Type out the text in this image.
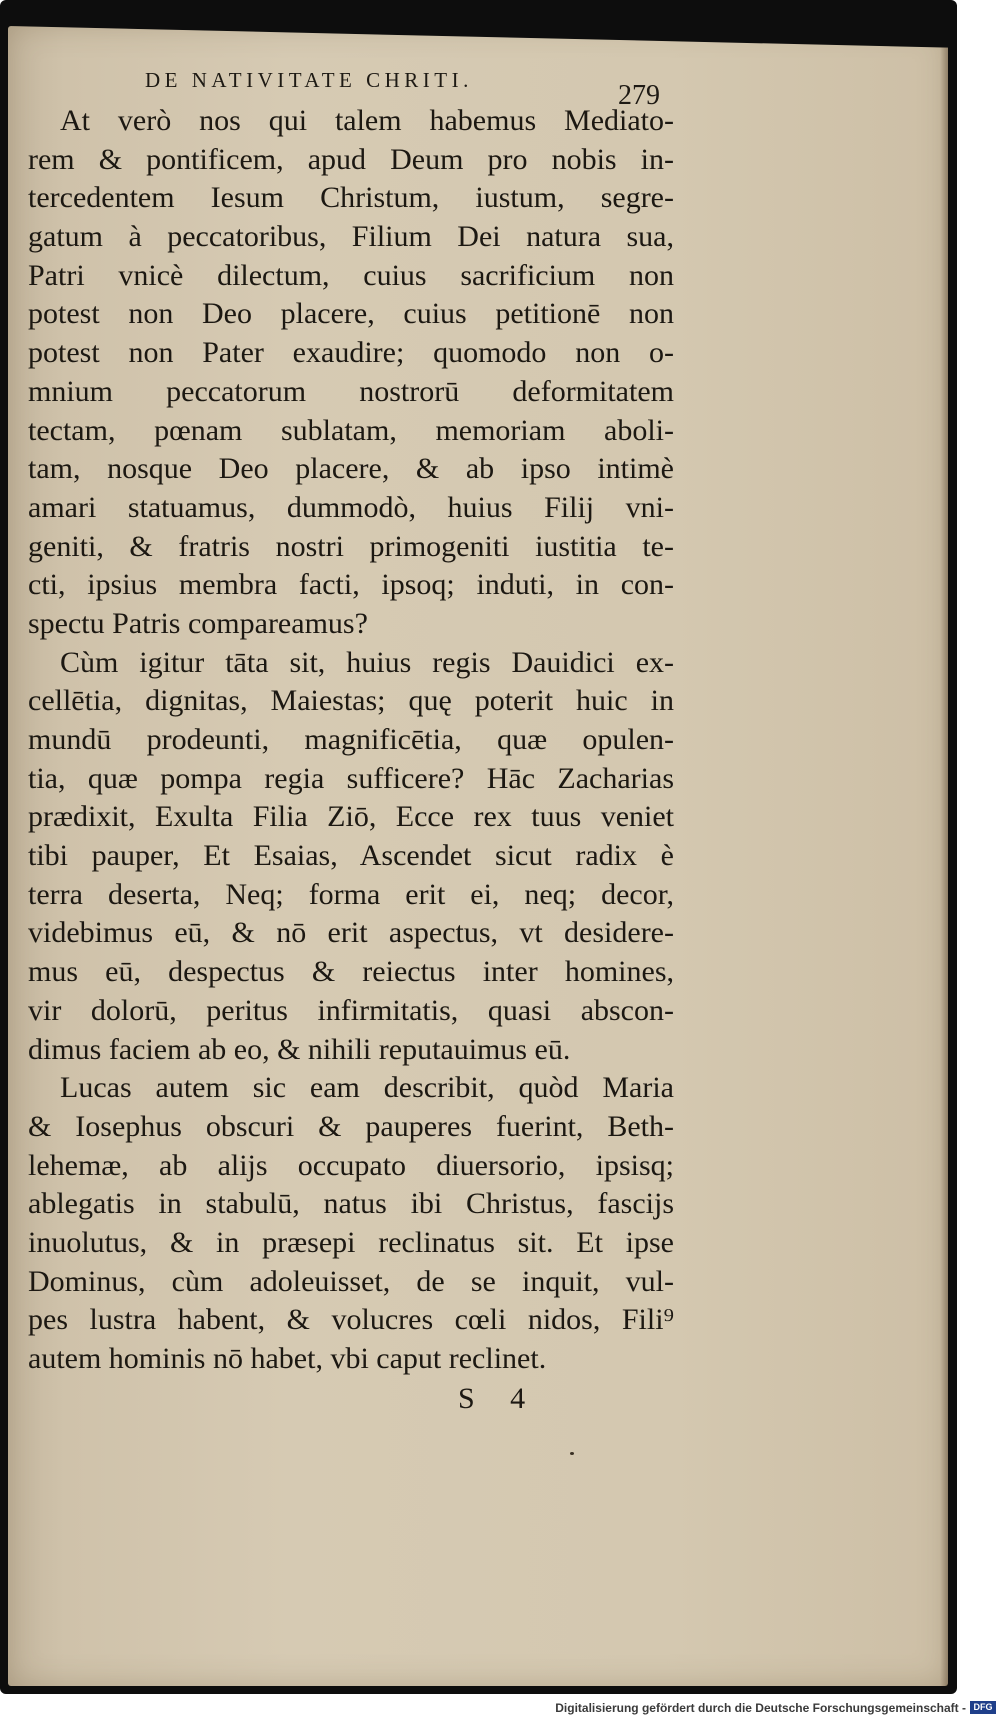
DE NATIVITATE CHRITI.	279
At verò nos qui talem habemus Mediato-
rem & pontificem, apud Deum pro nobis in-
tercedentem Iesum Christum, iustum, segre-
gatum à peccatoribus, Filium Dei natura sua,
Patri vnicè dilectum, cuius sacrificium non
potest non Deo placere, cuius petitionē non
potest non Pater exaudire; quomodo non o-
mnium peccatorum nostrorū deformitatem
tectam, pœnam sublatam, memoriam aboli-
tam, nosque Deo placere, & ab ipso intimè
amari statuamus, dummodò, huius Filij vni-
geniti, & fratris nostri primogeniti iustitia te-
cti, ipsius membra facti, ipsoq; induti, in con-
spectu Patris compareamus?
Cùm igitur tāta sit, huius regis Dauidici ex-
cellētia, dignitas, Maiestas; quę poterit huic in
mundū prodeunti, magnificētia, quæ opulen-
tia, quæ pompa regia sufficere? Hāc Zacharias
prædixit, Exulta Filia Ziō, Ecce rex tuus veniet
tibi pauper, Et Esaias, Ascendet sicut radix è
terra deserta, Neq; forma erit ei, neq; decor,
videbimus eū, & nō erit aspectus, vt desidere-
mus eū, despectus & reiectus inter homines,
vir dolorū, peritus infirmitatis, quasi abscon-
dimus faciem ab eo, & nihili reputauimus eū.
Lucas autem sic eam describit, quòd Maria
& Iosephus obscuri & pauperes fuerint, Beth-
lehemæ, ab alijs occupato diuersorio, ipsisq;
ablegatis in stabulū, natus ibi Christus, fascijs
inuolutus, & in præsepi reclinatus sit. Et ipse
Dominus, cùm adoleuisset, de se inquit, vul-
pes lustra habent, & volucres cœli nidos, Fili⁹
autem hominis nō habet, vbi caput reclinet.
S 4
Digitalisierung gefördert durch die Deutsche Forschungsgemeinschaft - DFG
